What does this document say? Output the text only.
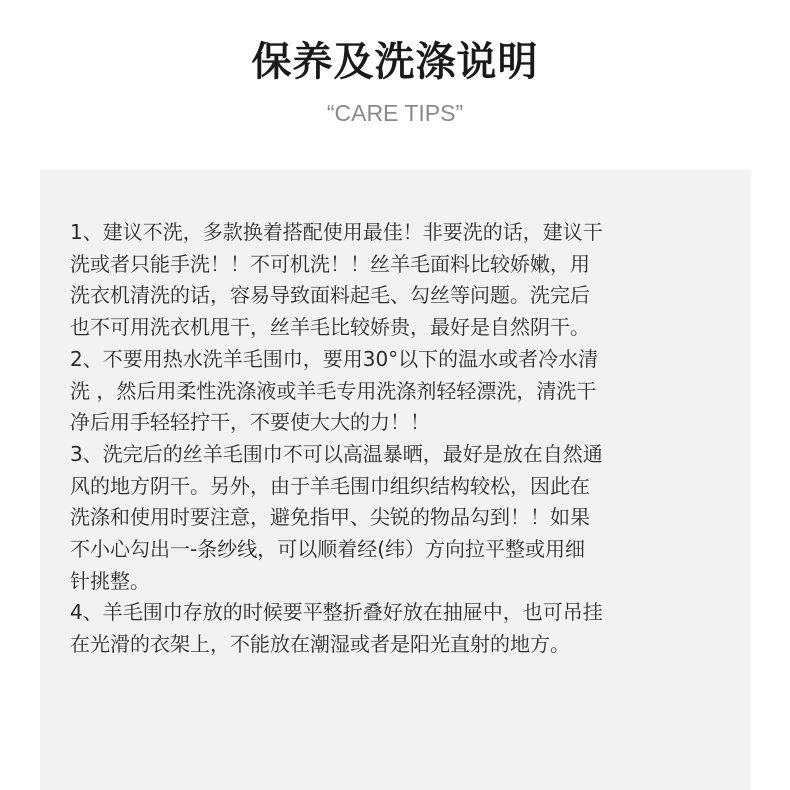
保养及洗涤说明
“CARE TIPS”
1、建议不洗，多款换着搭配使用最佳！非要洗的话，建议干
洗或者只能手洗！！不可机洗！！丝羊毛面料比较娇嫩，用
洗衣机清洗的话，容易导致面料起毛、勾丝等问题。洗完后
也不可用洗衣机甩干，丝羊毛比较娇贵，最好是自然阴干。
2、不要用热水洗羊毛围巾，要用30°以下的温水或者冷水清
洗 ，然后用柔性洗涤液或羊毛专用洗涤剂轻轻漂洗，清洗干
净后用手轻轻拧干，不要使大大的力！！
3、洗完后的丝羊毛围巾不可以高温暴晒，最好是放在自然通
风的地方阴干。另外，由于羊毛围巾组织结构较松，因此在
洗涤和使用时要注意，避免指甲、尖锐的物品勾到！！如果
不小心勾出一-条纱线，可以顺着经(纬）方向拉平整或用细
针挑整。
4、羊毛围巾存放的时候要平整折叠好放在抽屉中，也可吊挂
在光滑的衣架上，不能放在潮湿或者是阳光直射的地方。
